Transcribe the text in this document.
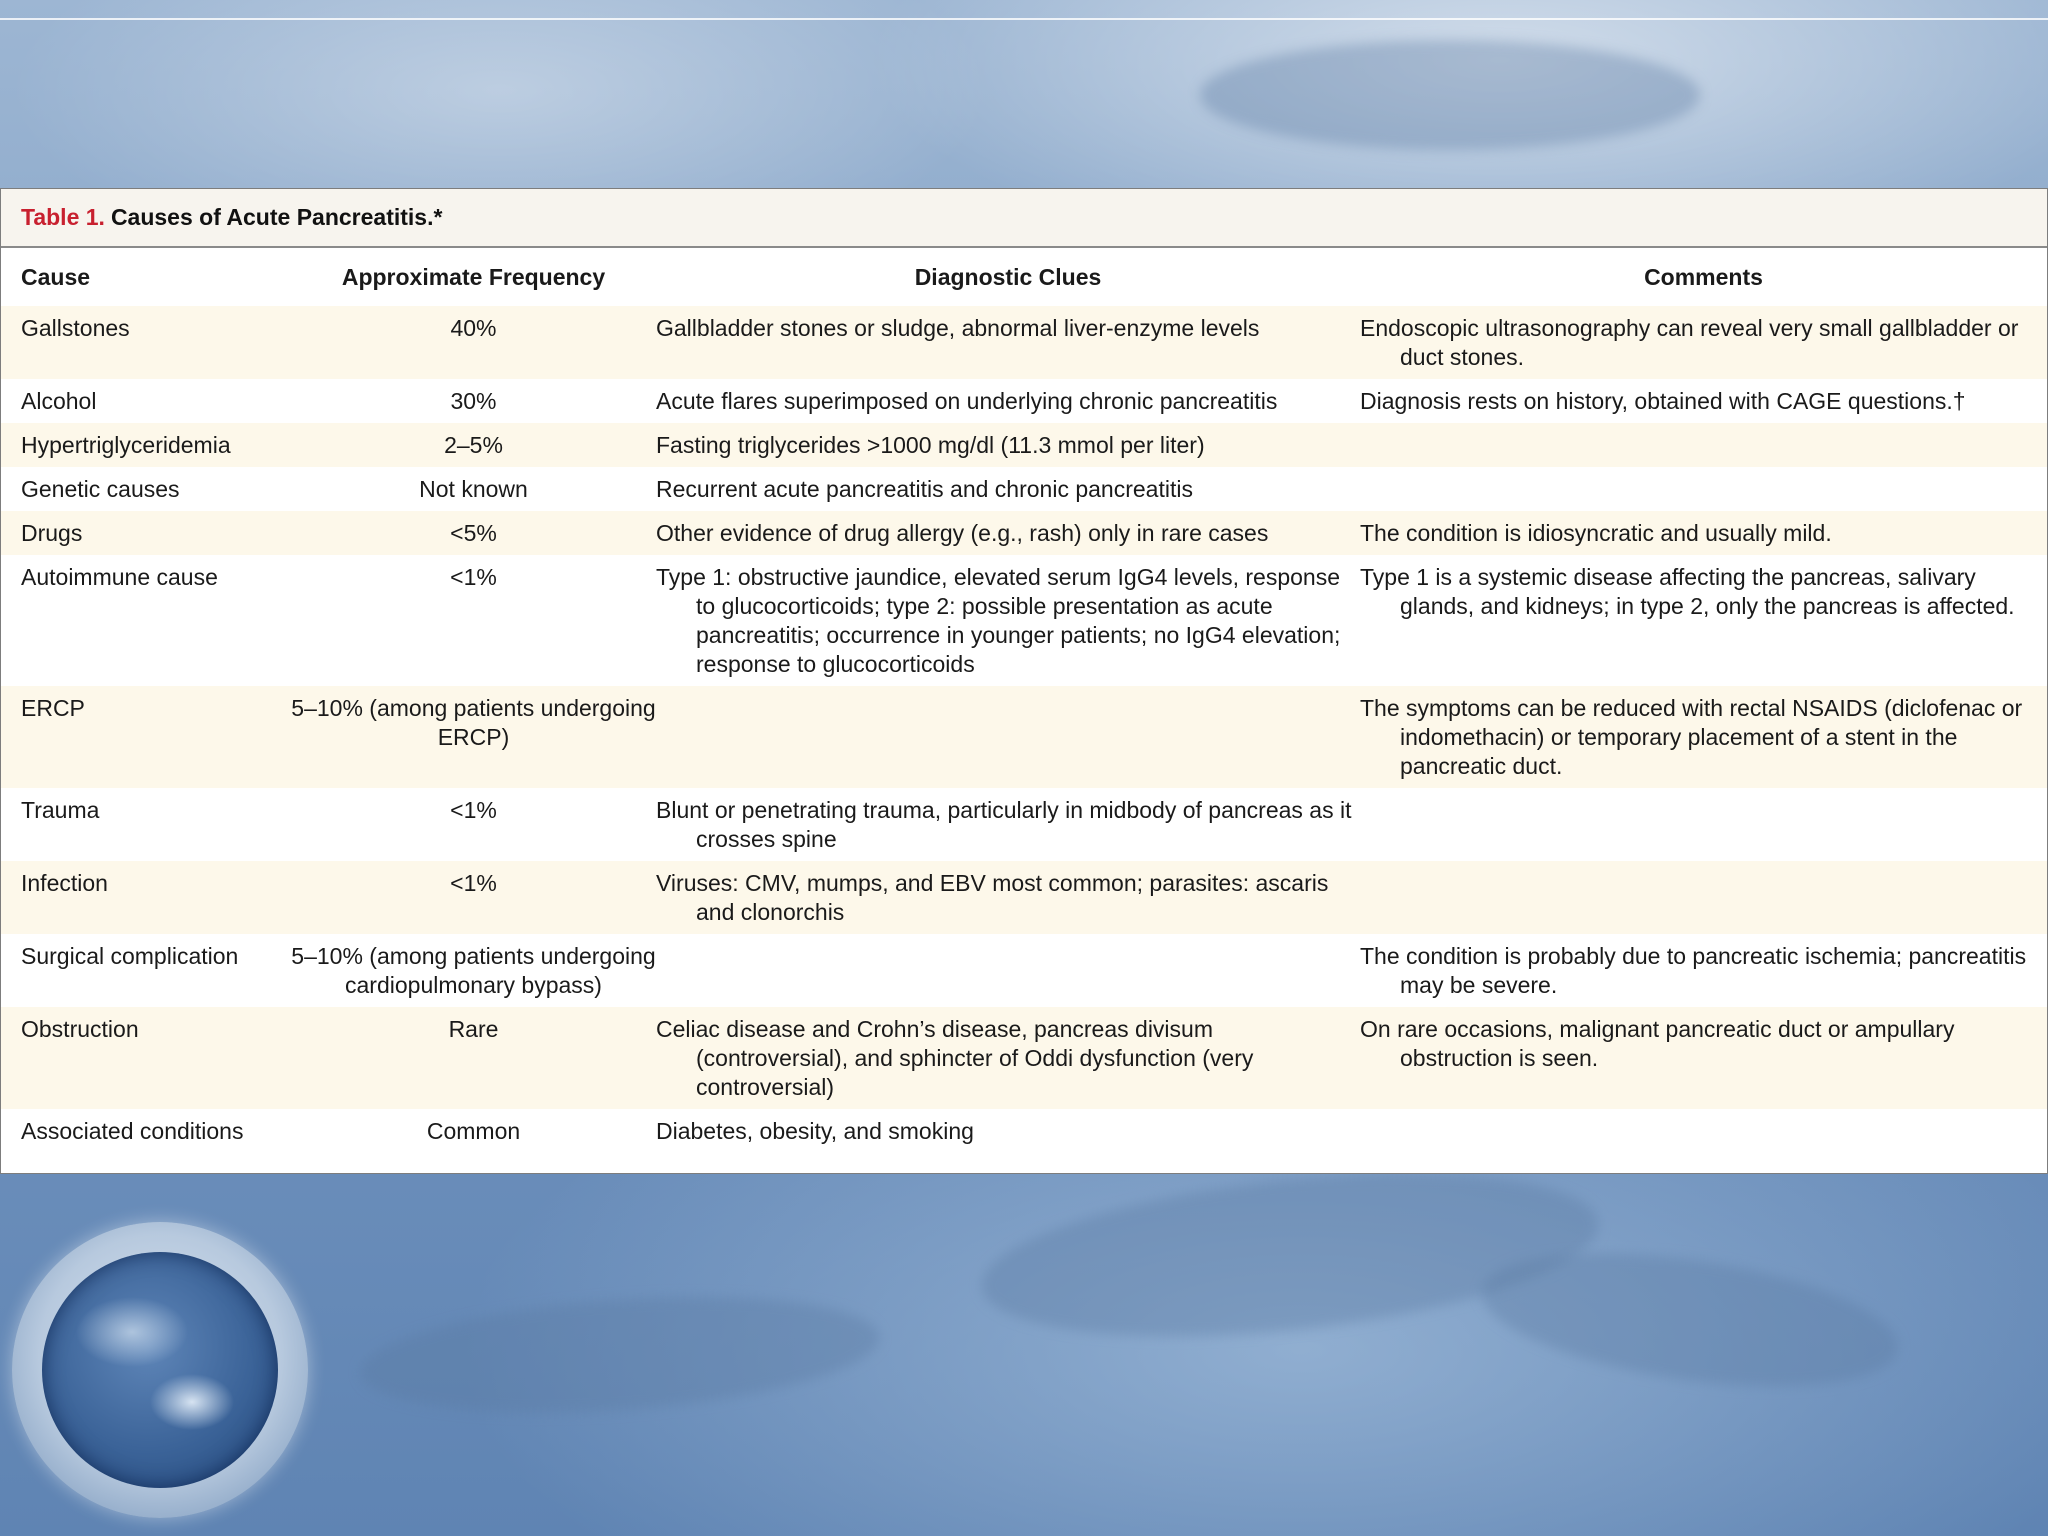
Table 1. Causes of Acute Pancreatitis.*
Cause	Approximate Frequency	Diagnostic Clues	Comments
Gallstones	40%	Gallbladder stones or sludge, abnormal liver-enzyme levels	Endoscopic ultrasonography can reveal very small gallbladder or duct stones.
Alcohol	30%	Acute flares superimposed on underlying chronic pancreatitis	Diagnosis rests on history, obtained with CAGE questions.†
Hypertriglyceridemia	2–5%	Fasting triglycerides >1000 mg/dl (11.3 mmol per liter)	
Genetic causes	Not known	Recurrent acute pancreatitis and chronic pancreatitis	
Drugs	<5%	Other evidence of drug allergy (e.g., rash) only in rare cases	The condition is idiosyncratic and usually mild.
Autoimmune cause	<1%	Type 1: obstructive jaundice, elevated serum IgG4 levels, response to glucocorticoids; type 2: possible presentation as acute pancreatitis; occurrence in younger patients; no IgG4 elevation; response to glucocorticoids	Type 1 is a systemic disease affecting the pancreas, salivary glands, and kidneys; in type 2, only the pancreas is affected.
ERCP	5–10% (among patients undergoing ERCP)		The symptoms can be reduced with rectal NSAIDS (diclofenac or indomethacin) or temporary placement of a stent in the pancreatic duct.
Trauma	<1%	Blunt or penetrating trauma, particularly in midbody of pancreas as it crosses spine	
Infection	<1%	Viruses: CMV, mumps, and EBV most common; parasites: ascaris and clonorchis	
Surgical complication	5–10% (among patients undergoing cardiopulmonary bypass)		The condition is probably due to pancreatic ischemia; pancreatitis may be severe.
Obstruction	Rare	Celiac disease and Crohn’s disease, pancreas divisum (controversial), and sphincter of Oddi dysfunction (very controversial)	On rare occasions, malignant pancreatic duct or ampullary obstruction is seen.
Associated conditions	Common	Diabetes, obesity, and smoking	
